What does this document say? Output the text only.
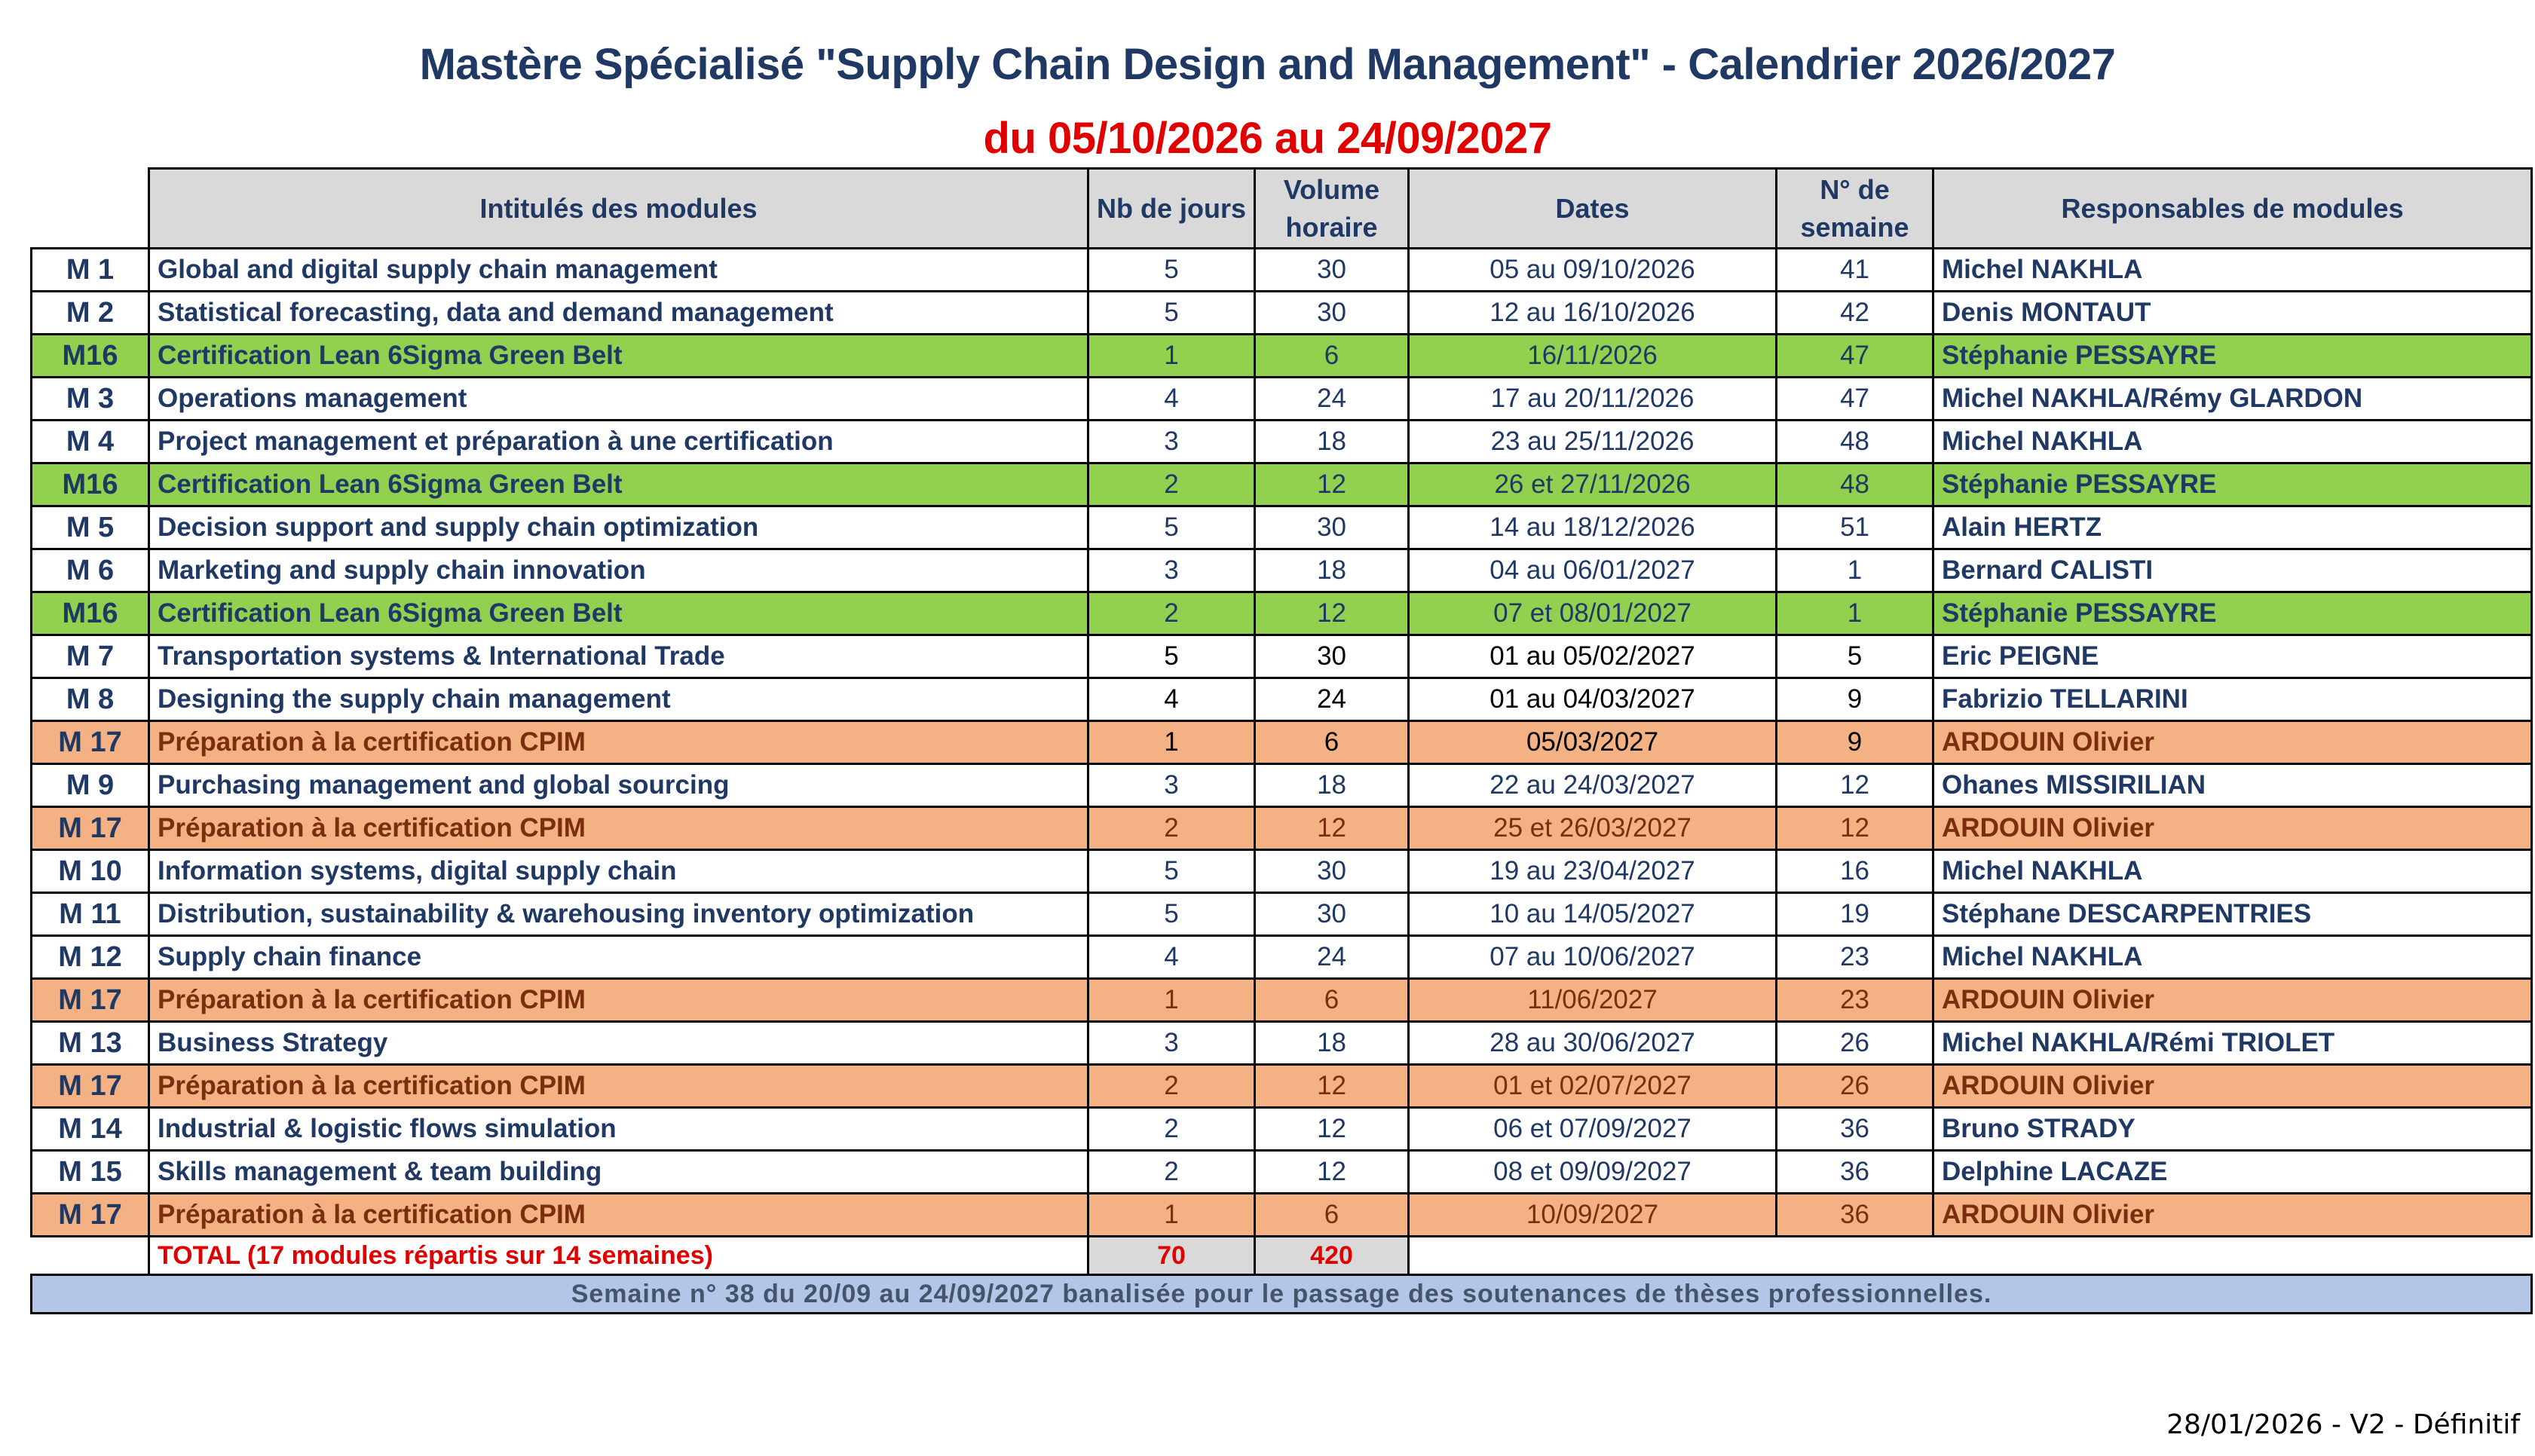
Mastère Spécialisé "Supply Chain Design and Management" - Calendrier 2026/2027
du 05/10/2026 au 24/09/2027
	Intitulés des modules	Nb de jours	Volume horaire	Dates	N° de semaine	Responsables de modules
M 1	Global and digital supply chain management	5	30	05 au 09/10/2026	41	Michel NAKHLA
M 2	Statistical forecasting, data and demand management	5	30	12 au 16/10/2026	42	Denis MONTAUT
M16	Certification Lean 6Sigma Green Belt	1	6	16/11/2026	47	Stéphanie PESSAYRE
M 3	Operations management	4	24	17 au 20/11/2026	47	Michel NAKHLA/Rémy GLARDON
M 4	Project management et préparation à une certification	3	18	23 au 25/11/2026	48	Michel NAKHLA
M16	Certification Lean 6Sigma Green Belt	2	12	26 et 27/11/2026	48	Stéphanie PESSAYRE
M 5	Decision support and supply chain optimization	5	30	14 au 18/12/2026	51	Alain HERTZ
M 6	Marketing and supply chain innovation	3	18	04 au 06/01/2027	1	Bernard CALISTI
M16	Certification Lean 6Sigma Green Belt	2	12	07 et 08/01/2027	1	Stéphanie PESSAYRE
M 7	Transportation systems & International Trade	5	30	01 au 05/02/2027	5	Eric PEIGNE
M 8	Designing the supply chain management	4	24	01 au 04/03/2027	9	Fabrizio TELLARINI
M 17	Préparation à la certification CPIM	1	6	05/03/2027	9	ARDOUIN Olivier
M 9	Purchasing management and global sourcing	3	18	22 au 24/03/2027	12	Ohanes MISSIRILIAN
M 17	Préparation à la certification CPIM	2	12	25 et 26/03/2027	12	ARDOUIN Olivier
M 10	Information systems, digital supply chain	5	30	19 au 23/04/2027	16	Michel NAKHLA
M 11	Distribution, sustainability & warehousing inventory optimization	5	30	10 au 14/05/2027	19	Stéphane DESCARPENTRIES
M 12	Supply chain finance	4	24	07 au 10/06/2027	23	Michel NAKHLA
M 17	Préparation à la certification CPIM	1	6	11/06/2027	23	ARDOUIN Olivier
M 13	Business Strategy	3	18	28 au 30/06/2027	26	Michel NAKHLA/Rémi TRIOLET
M 17	Préparation à la certification CPIM	2	12	01 et 02/07/2027	26	ARDOUIN Olivier
M 14	Industrial & logistic flows simulation	2	12	06 et 07/09/2027	36	Bruno STRADY
M 15	Skills management & team building	2	12	08 et 09/09/2027	36	Delphine LACAZE
M 17	Préparation à la certification CPIM	1	6	10/09/2027	36	ARDOUIN Olivier
	TOTAL (17 modules répartis sur 14 semaines)	70	420			
Semaine n° 38 du 20/09 au 24/09/2027 banalisée pour le passage des soutenances de thèses professionnelles.						
28/01/2026 - V2 - Définitif
